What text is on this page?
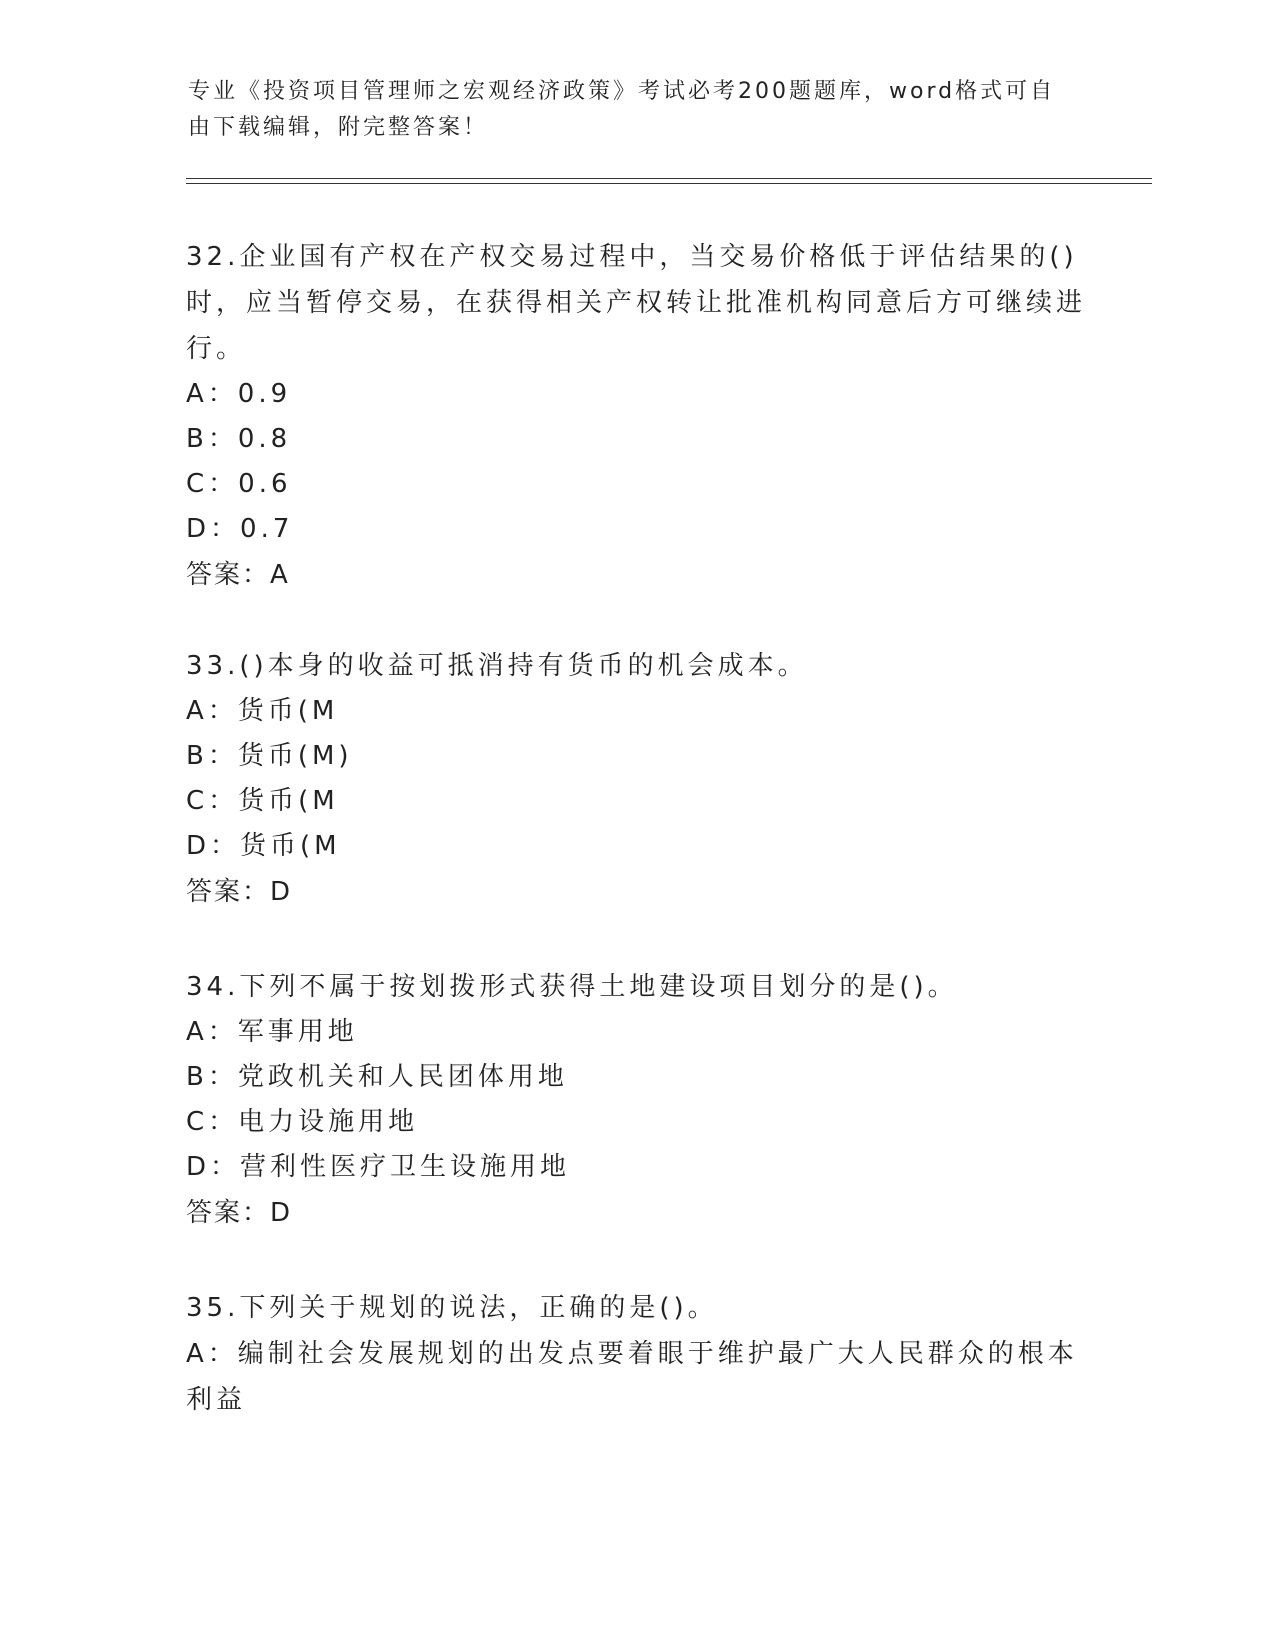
专业《投资项目管理师之宏观经济政策》考试必考200题题库，word格式可自由下载编辑，附完整答案！
32.企业国有产权在产权交易过程中，当交易价格低于评估结果的()时，应当暂停交易，在获得相关产权转让批准机构同意后方可继续进行。
A：0.9
B：0.8
C：0.6
D：0.7
答案：A
33.()本身的收益可抵消持有货币的机会成本。
A：货币(M
B：货币(M)
C：货币(M
D：货币(M
答案：D
34.下列不属于按划拨形式获得土地建设项目划分的是()。
A：军事用地
B：党政机关和人民团体用地
C：电力设施用地
D：营利性医疗卫生设施用地
答案：D
35.下列关于规划的说法，正确的是()。
A：编制社会发展规划的出发点要着眼于维护最广大人民群众的根本利益
